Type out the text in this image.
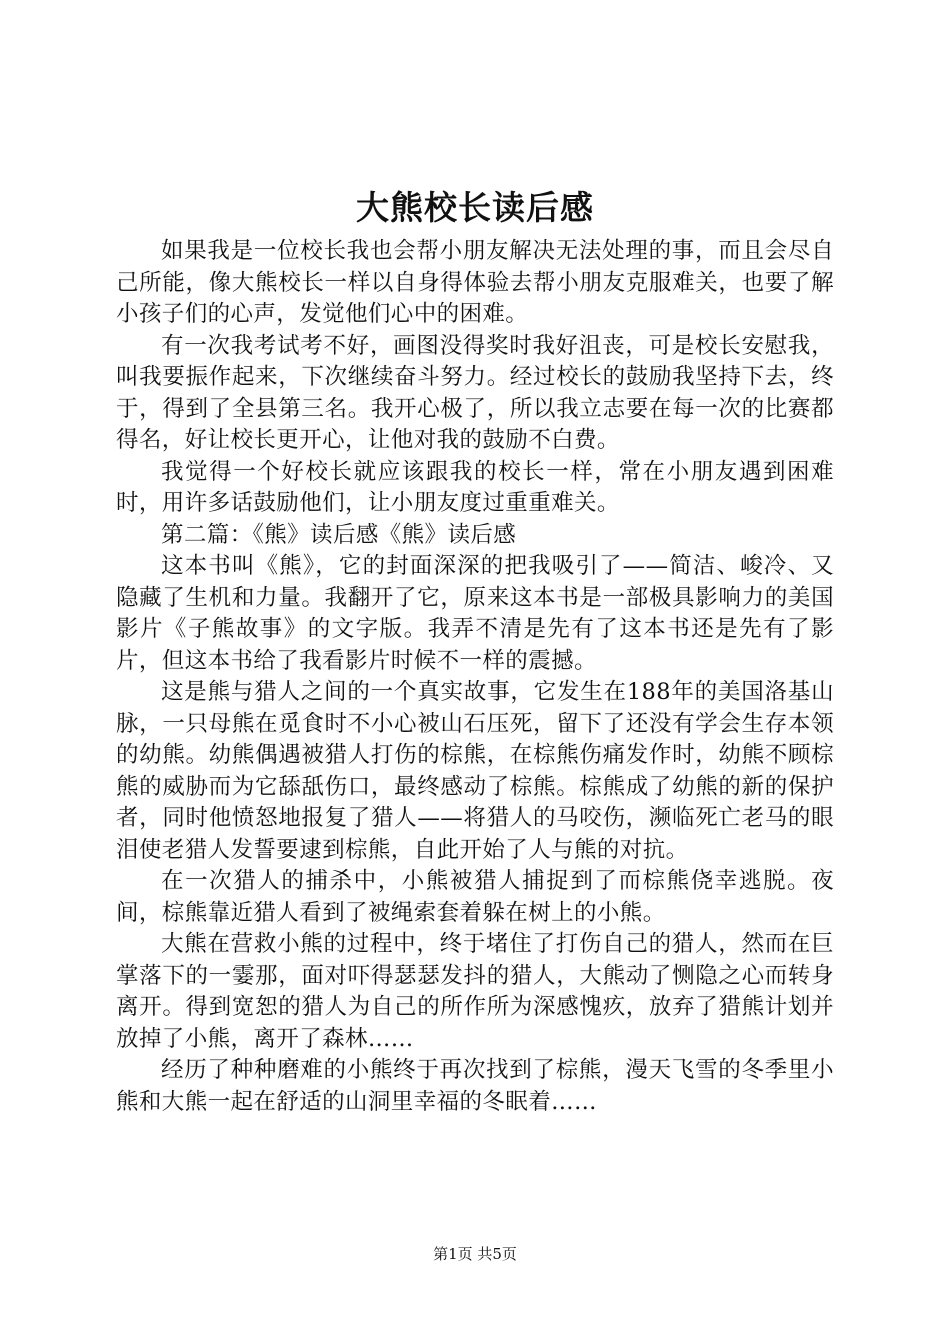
大熊校长读后感

如果我是一位校长我也会帮小朋友解决无法处理的事，而且会尽自己所能，像大熊校长一样以自身得体验去帮小朋友克服难关，也要了解小孩子们的心声，发觉他们心中的困难。

有一次我考试考不好，画图没得奖时我好沮丧，可是校长安慰我，叫我要振作起来，下次继续奋斗努力。经过校长的鼓励我坚持下去，终于，得到了全县第三名。我开心极了，所以我立志要在每一次的比赛都得名，好让校长更开心，让他对我的鼓励不白费。

我觉得一个好校长就应该跟我的校长一样，常在小朋友遇到困难时，用许多话鼓励他们，让小朋友度过重重难关。

第二篇：《熊》读后感《熊》读后感

这本书叫《熊》，它的封面深深的把我吸引了——简洁、峻冷、又隐藏了生机和力量。我翻开了它，原来这本书是一部极具影响力的美国影片《子熊故事》的文字版。我弄不清是先有了这本书还是先有了影片，但这本书给了我看影片时候不一样的震撼。

这是熊与猎人之间的一个真实故事，它发生在188年的美国洛基山脉，一只母熊在觅食时不小心被山石压死，留下了还没有学会生存本领的幼熊。幼熊偶遇被猎人打伤的棕熊，在棕熊伤痛发作时，幼熊不顾棕熊的威胁而为它舔舐伤口，最终感动了棕熊。棕熊成了幼熊的新的保护者，同时他愤怒地报复了猎人——将猎人的马咬伤，濒临死亡老马的眼泪使老猎人发誓要逮到棕熊，自此开始了人与熊的对抗。

在一次猎人的捕杀中，小熊被猎人捕捉到了而棕熊侥幸逃脱。夜间，棕熊靠近猎人看到了被绳索套着躲在树上的小熊。

大熊在营救小熊的过程中，终于堵住了打伤自己的猎人，然而在巨掌落下的一霎那，面对吓得瑟瑟发抖的猎人，大熊动了恻隐之心而转身离开。得到宽恕的猎人为自己的所作所为深感愧疚，放弃了猎熊计划并放掉了小熊，离开了森林……

经历了种种磨难的小熊终于再次找到了棕熊，漫天飞雪的冬季里小熊和大熊一起在舒适的山洞里幸福的冬眠着……

第1页 共5页
